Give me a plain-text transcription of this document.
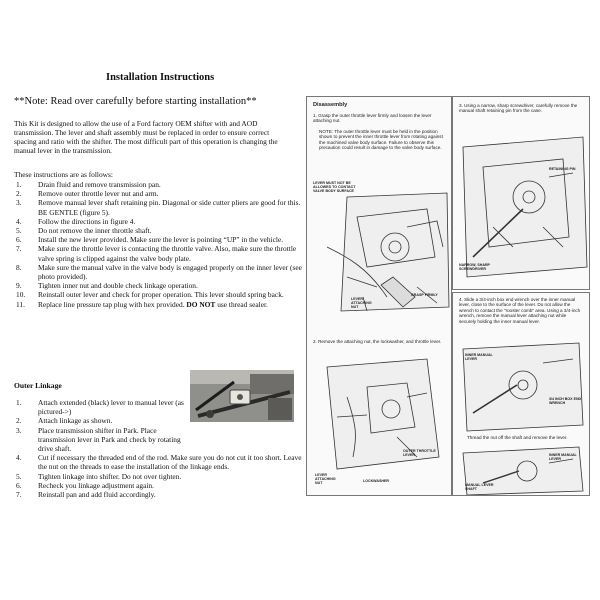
Installation Instructions
**Note: Read over carefully before starting installation**
This Kit is designed to allow the use of a Ford factory OEM shifter with and AOD transmission. The lever and shaft assembly must be replaced in order to ensure correct spacing and ratio with the shifter. The most difficult part of this operation is changing the manual lever in the transmission.
These instructions are as follows:
1.	Drain fluid and remove transmission pan.
2.	Remove outer throttle lever nut and arm.
3.	Remove manual lever shaft retaining pin. Diagonal or side cutter pliers are good for this. BE GENTLE (figure 5).
4.	Follow the directions in figure 4.
5.	Do not remove the inner throttle shaft.
6.	Install the new lever provided. Make sure the lever is pointing “UP” in the vehicle.
7.	Make sure the throttle lever is contacting the throttle valve. Also, make sure the throttle valve spring is clipped against the valve body plate.
8.	Make sure the manual valve in the valve body is engaged properly on the inner lever (see photo provided).
9.	Tighten inner nut and double check linkage operation.
10.	Reinstall outer lever and check for proper operation. This lever should spring back.
11.	Replace line pressure tap plug with hex provided. DO NOT use thread sealer.
Outer Linkage
1.	Attach extended (black) lever to manual lever (as pictured->)
2.	Attach linkage as shown.
3.	Place transmission shifter in Park. Place transmission lever in Park and check by rotating drive shaft.
4.	Cut if necessary the threaded end of the rod. Make sure you do not cut it too short. Leave the nut on the threads to ease the installation of the linkage ends.
5.	Tighten linkage into shifter. Do not over tighten.
6.	Recheck you linkage adjustment again.
7.	Reinstall pan and add fluid accordingly.
Disassembly
1. Grasp the outer throttle lever firmly and loosen the lever attaching nut.
NOTE: The outer throttle lever must be held in the position shown to prevent the inner throttle lever from rotating against the machined valve body surface. Failure to observe this precaution could result in damage to the valve body surface.
LEVER MUST NOT BE ALLOWED TO CONTACT VALVE BODY SURFACE
GRASP FIRMLY
LEVER ATTACHING NUT
2. Remove the attaching nut, the lockwasher, and throttle lever.
OUTER THROTTLE LEVER
LEVER ATTACHING NUT	LOCKWASHER
3. Using a narrow, sharp screwdriver, carefully remove the manual shaft retaining pin from the case.
RETAINING PIN
NARROW, SHARP SCREWDRIVER
4. Slide a 3/4-inch box end wrench over the inner manual lever, close to the surface of the lever. Do not allow the wrench to contact the "rooster comb" area. Using a 3/4-inch wrench, remove the manual lever attaching nut while securely holding the inner manual lever.
INNER MANUAL LEVER
3/4 INCH BOX END WRENCH
Thread the nut off the shaft and remove the lever.
INNER MANUAL LEVER
MANUAL LEVER SHAFT
